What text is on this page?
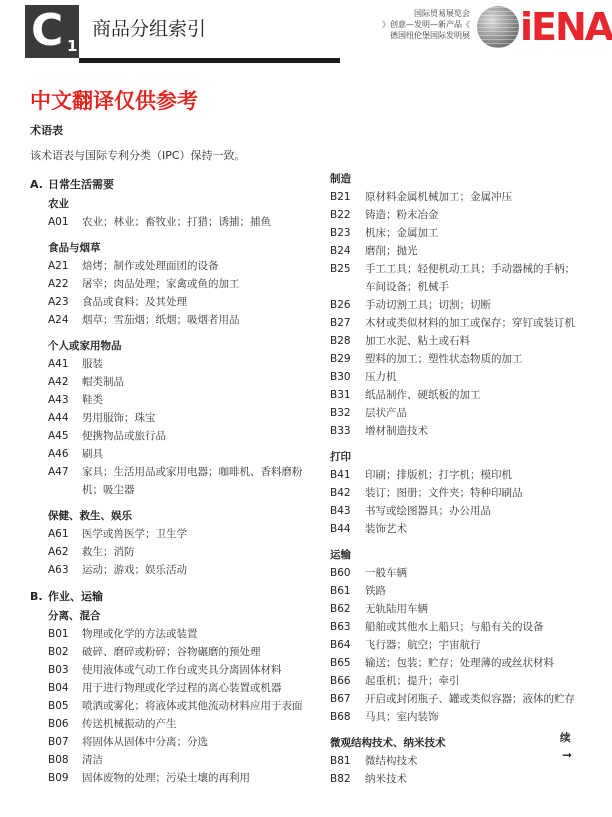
C 1
商品分组索引
国际贸易展览会
》创意—发明—新产品《
德国纽伦堡国际发明展 iENA
中文翻译仅供参考
术语表
该术语表与国际专利分类（IPC）保持一致。
A. 日常生活需要
农业
A01	农业；林业；畜牧业；打猎；诱捕；捕鱼
食品与烟草
A21	焙烤；制作或处理面团的设备
A22	屠宰；肉品处理；家禽或鱼的加工
A23	食品或食料；及其处理
A24	烟草；雪茄烟；纸烟；吸烟者用品
个人或家用物品
A41	服装
A42	帽类制品
A43	鞋类
A44	男用服饰；珠宝
A45	便携物品或旅行品
A46	刷具
A47	家具；生活用品或家用电器；咖啡机、香料磨粉机；吸尘器
保健、救生、娱乐
A61	医学或兽医学；卫生学
A62	救生；消防
A63	运动；游戏；娱乐活动
B. 作业、运输
分离、混合
B01	物理或化学的方法或装置
B02	破碎、磨碎或粉碎；谷物碾磨的预处理
B03	使用液体或气动工作台或夹具分离固体材料
B04	用于进行物理或化学过程的离心装置或机器
B05	喷洒或雾化；将液体或其他流动材料应用于表面
B06	传送机械振动的产生
B07	将固体从固体中分离；分选
B08	清洁
B09	固体废物的处理；污染土壤的再利用
制造
B21	原材料金属机械加工；金属冲压
B22	铸造；粉末冶金
B23	机床；金属加工
B24	磨削；抛光
B25	手工工具；轻便机动工具；手动器械的手柄；车间设备；机械手
B26	手动切割工具；切割；切断
B27	木材或类似材料的加工或保存；穿钉或装订机
B28	加工水泥、粘土或石料
B29	塑料的加工；塑性状态物质的加工
B30	压力机
B31	纸品制作、硬纸板的加工
B32	层状产品
B33	增材制造技术
打印
B41	印刷；排版机；打字机；模印机
B42	装订；图册；文件夹；特种印刷品
B43	书写或绘图器具；办公用品
B44	装饰艺术
运输
B60	一般车辆
B61	铁路
B62	无轨陆用车辆
B63	船舶或其他水上船只；与船有关的设备
B64	飞行器；航空；宇宙航行
B65	输送；包装；贮存；处理薄的或丝状材料
B66	起重机；提升；牵引
B67	开启或封闭瓶子、罐或类似容器；液体的贮存
B68	马具；室内装饰
微观结构技术、纳米技术
B81	微结构技术
B82	纳米技术
续
➞
